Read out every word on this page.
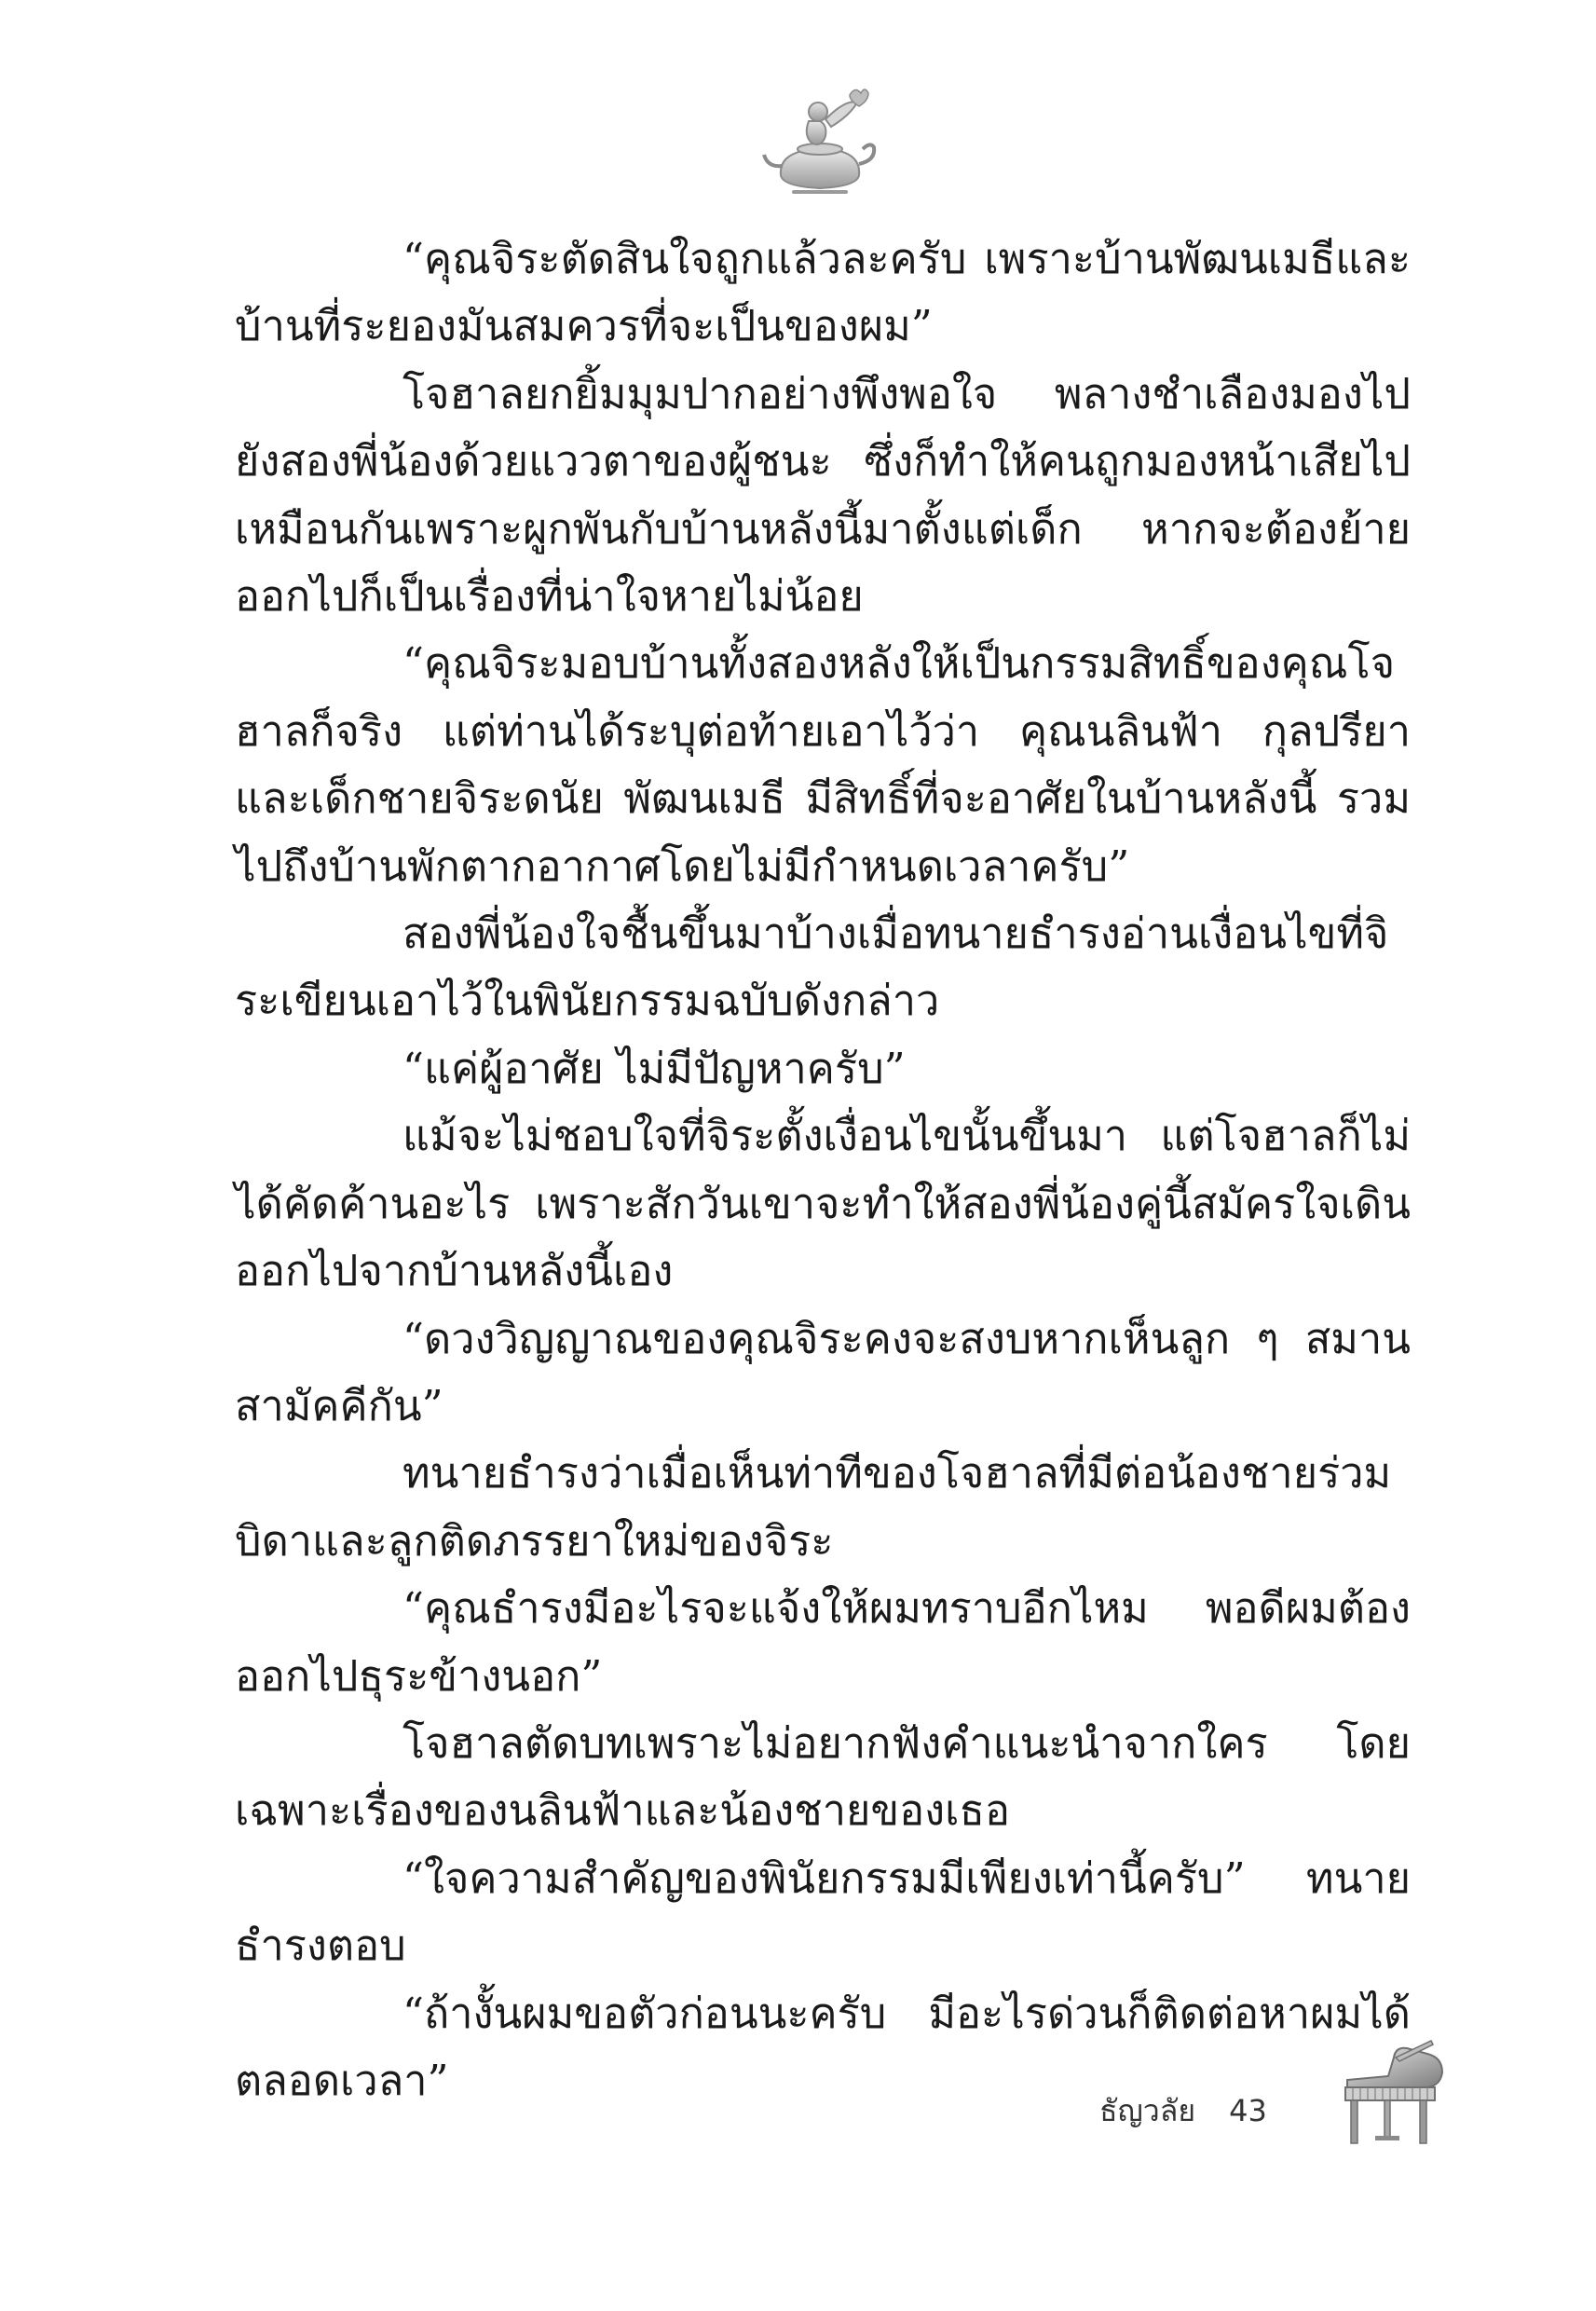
“คุณจิระตัดสินใจถูกแล้วละครับ เพราะบ้านพัฒนเมธีและบ้านที่ระยองมันสมควรที่จะเป็นของผม”

โจฮาลยกยิ้มมุมปากอย่างพึงพอใจ พลางชำเลืองมองไปยังสองพี่น้องด้วยแววตาของผู้ชนะ ซึ่งก็ทำให้คนถูกมองหน้าเสียไปเหมือนกันเพราะผูกพันกับบ้านหลังนี้มาตั้งแต่เด็ก หากจะต้องย้ายออกไปก็เป็นเรื่องที่น่าใจหายไม่น้อย

“คุณจิระมอบบ้านทั้งสองหลังให้เป็นกรรมสิทธิ์ของคุณโจฮาลก็จริง แต่ท่านได้ระบุต่อท้ายเอาไว้ว่า คุณนลินฟ้า กุลปรียา และเด็กชายจิระดนัย พัฒนเมธี มีสิทธิ์ที่จะอาศัยในบ้านหลังนี้ รวมไปถึงบ้านพักตากอากาศโดยไม่มีกำหนดเวลาครับ”

สองพี่น้องใจชื้นขึ้นมาบ้างเมื่อทนายธำรงอ่านเงื่อนไขที่จิระเขียนเอาไว้ในพินัยกรรมฉบับดังกล่าว

“แค่ผู้อาศัย ไม่มีปัญหาครับ”

แม้จะไม่ชอบใจที่จิระตั้งเงื่อนไขนั้นขึ้นมา แต่โจฮาลก็ไม่ได้คัดค้านอะไร เพราะสักวันเขาจะทำให้สองพี่น้องคู่นี้สมัครใจเดินออกไปจากบ้านหลังนี้เอง

“ดวงวิญญาณของคุณจิระคงจะสงบหากเห็นลูก ๆ สมานสามัคคีกัน”

ทนายธำรงว่าเมื่อเห็นท่าทีของโจฮาลที่มีต่อน้องชายร่วมบิดาและลูกติดภรรยาใหม่ของจิระ

“คุณธำรงมีอะไรจะแจ้งให้ผมทราบอีกไหม พอดีผมต้องออกไปธุระข้างนอก”

โจฮาลตัดบทเพราะไม่อยากฟังคำแนะนำจากใคร โดยเฉพาะเรื่องของนลินฟ้าและน้องชายของเธอ

“ใจความสำคัญของพินัยกรรมมีเพียงเท่านี้ครับ” ทนายธำรงตอบ

“ถ้างั้นผมขอตัวก่อนนะครับ มีอะไรด่วนก็ติดต่อหาผมได้ตลอดเวลา”

ธัญวลัย 43
